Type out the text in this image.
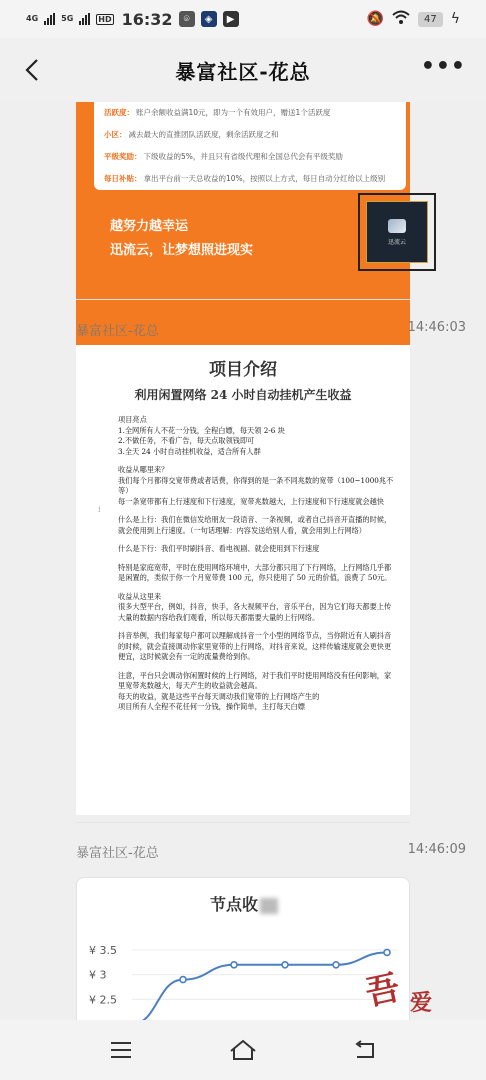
4G	5G	HD 16:32	⌾	◈	▶	🔕	47	ϟ
暴富社区-花总	•••
活跃度： 账户余额收益满10元，即为一个有效用户，赠送1个活跃度
小区： 减去最大的直推团队活跃度，剩余活跃度之和
平级奖励： 下级收益的5%，并且只有省级代理和全国总代会有平级奖励
每日补贴： 拿出平台前一天总收益的10%，按照以上方式，每日自动分红给以上级别
越努力越幸运
迅流云，让梦想照进现实
迅流云
暴富社区-花总	14:46:03
项目介绍
利用闲置网络 24 小时自动挂机产生收益

项目亮点
1.全网所有人不花一分钱，全程白嫖，每天领 2-6 块
2.不做任务，不看广告，每天点取领钱即可
3.全天 24 小时自动挂机收益，适合所有人群

收益从哪里来？
我们每个月都得交宽带费或者话费，你得到的是一条不同兆数的宽带（100~1000兆不等）
每一条宽带都有上行速度和下行速度，宽带兆数越大，上行速度和下行速度就会越快

什么是上行：我们在微信发给朋友一段语音、一条视频，或者自己抖音开直播的时候，就会使用到上行速度。（一句话理解：内容发送给别人看，就会用到上行网络）

什么是下行：我们平时刷抖音、看电视剧、就会使用到下行速度

特别是家庭宽带，平时在使用网络环境中，大部分都只用了下行网络，上行网络几乎都是闲置的，类似于你一个月宽带费 100 元，你只使用了 50 元的价值，浪费了 50元。

收益从这里来
很多大型平台，例如，抖音，快手，各大视频平台，音乐平台，因为它们每天都要上传大量的数据内容给我们观看，所以每天都需要大量的上行网络。

抖音举例，我们每家每户都可以理解成抖音一个小型的网络节点，当你附近有人刷抖音的时候，就会直接调动你家里宽带的上行网络，对抖音来说，这样传输速度就会更快更便宜，这时候就会有一定的流量费给到你。

注意，平台只会调动你闲置时候的上行网络，对于我们平时使用网络没有任何影响，家里宽带兆数越大，每天产生的收益就会越高。
每天的收益，就是这些平台每天调动我们宽带的上行网络产生的
项目所有人全程不花任何一分钱，操作简单，主打每天白嫖

⁞
暴富社区-花总	14:46:09
节点收
¥ 3.5
¥ 3
¥ 2.5	吾 爱
